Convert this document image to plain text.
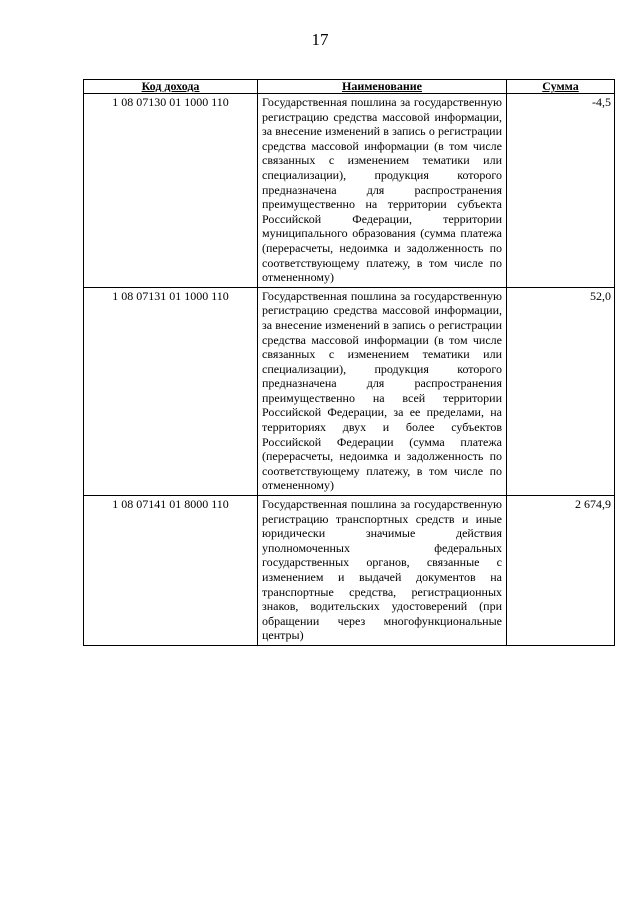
17
Код дохода	Наименование	Сумма
1 08 07130 01 1000 110	Государственная пошлина за государственную регистрацию средства массовой информации, за внесение изменений в запись о регистрации средства массовой информации (в том числе связанных с изменением тематики или специализации), продукция которого предназначена для распространения преимущественно на территории субъекта Российской Федерации, территории муниципального образования (сумма платежа (перерасчеты, недоимка и задолженность по соответствующему платежу, в том числе по отмененному)	-4,5
1 08 07131 01 1000 110	Государственная пошлина за государственную регистрацию средства массовой информации, за внесение изменений в запись о регистрации средства массовой информации (в том числе связанных с изменением тематики или специализации), продукция которого предназначена для распространения преимущественно на всей территории Российской Федерации, за ее пределами, на территориях двух и более субъектов Российской Федерации (сумма платежа (перерасчеты, недоимка и задолженность по соответствующему платежу, в том числе по отмененному)	52,0
1 08 07141 01 8000 110	Государственная пошлина за государственную регистрацию транспортных средств и иные юридически значимые действия уполномоченных федеральных государственных органов, связанные с изменением и выдачей документов на транспортные средства, регистрационных знаков, водительских удостоверений (при обращении через многофункциональные центры)	2 674,9
